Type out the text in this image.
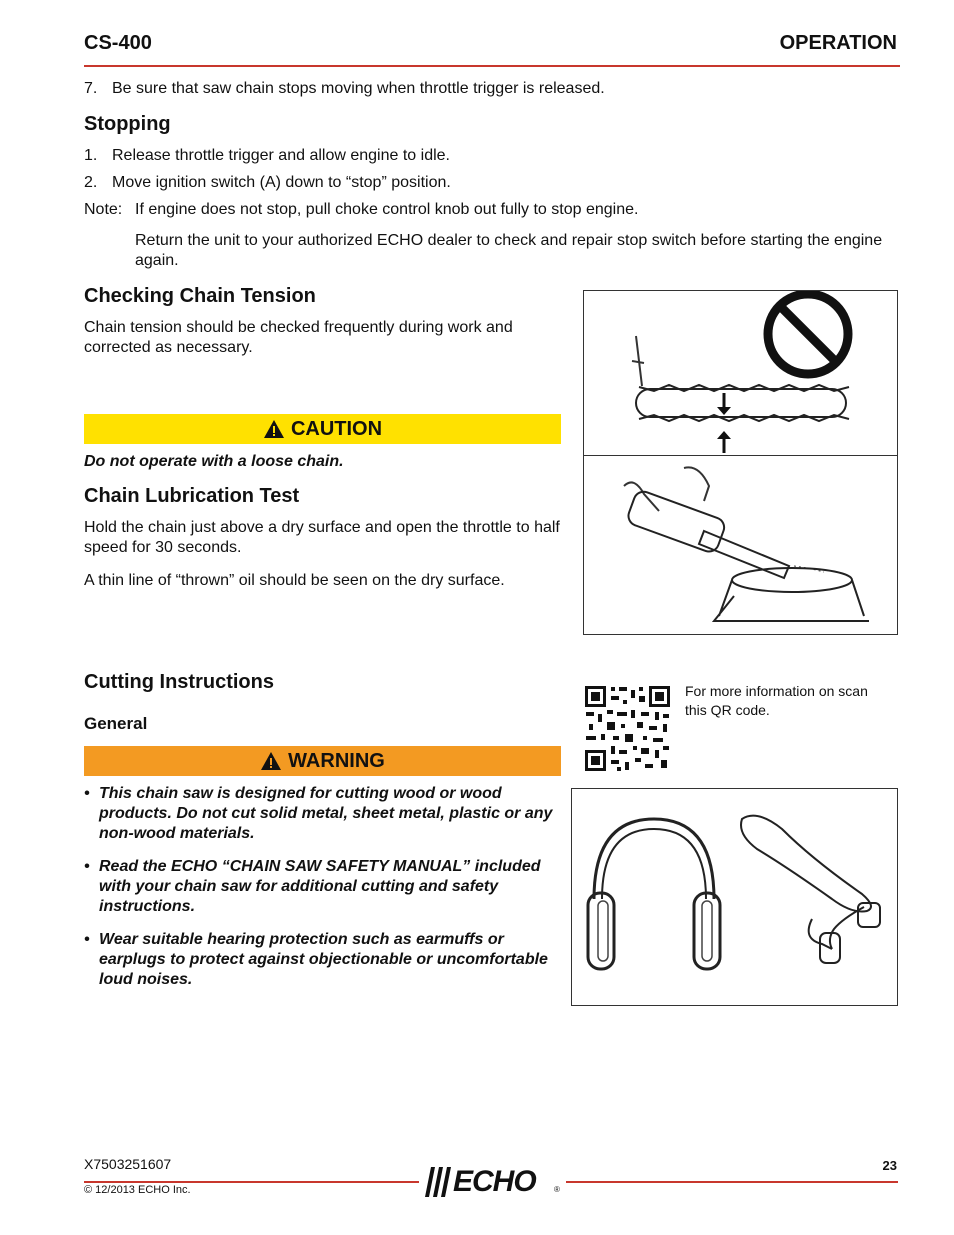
CS-400	OPERATION
7. Be sure that saw chain stops moving when throttle trigger is released.
Stopping
1. Release throttle trigger and allow engine to idle.
2. Move ignition switch (A) down to “stop” position.
Note: If engine does not stop, pull choke control knob out fully to stop engine.
Return the unit to your authorized ECHO dealer to check and repair stop switch before starting the engine again.
Checking Chain Tension
Chain tension should be checked frequently during work and corrected as necessary.
CAUTION
Do not operate with a loose chain.
Chain Lubrication Test
Hold the chain just above a dry surface and open the throttle to half speed for 30 seconds.
A thin line of “thrown” oil should be seen on the dry surface.
Cutting Instructions
General
WARNING
• This chain saw is designed for cutting wood or wood products. Do not cut solid metal, sheet metal, plastic or any non-wood materials.
• Read the ECHO “CHAIN SAW SAFETY MANUAL” included with your chain saw for additional cutting and safety instructions.
• Wear suitable hearing protection such as earmuffs or earplugs to protect against objectionable or uncomfortable loud noises.
For more information on scan this QR code.
X7503251607	23
© 12/2013 ECHO Inc.	ECHO ®
